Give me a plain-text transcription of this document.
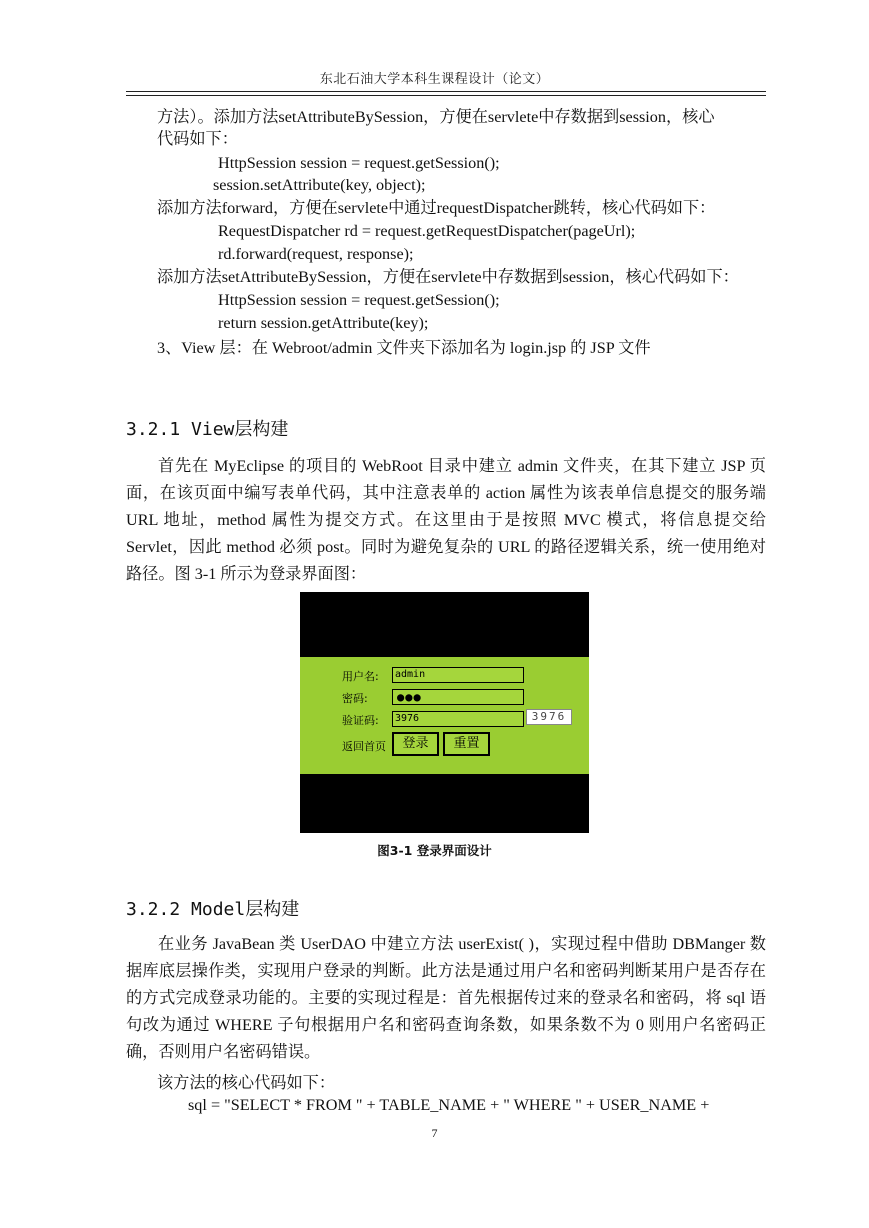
东北石油大学本科生课程设计（论文）
方法）。添加方法setAttributeBySession，方便在servlete中存数据到session，核心
代码如下：
HttpSession session = request.getSession();
session.setAttribute(key, object);
添加方法forward，方便在servlete中通过requestDispatcher跳转，核心代码如下：
RequestDispatcher rd = request.getRequestDispatcher(pageUrl);
rd.forward(request, response);
添加方法setAttributeBySession，方便在servlete中存数据到session，核心代码如下：
HttpSession session = request.getSession();
return session.getAttribute(key);
3、View 层：在 Webroot/admin 文件夹下添加名为 login.jsp 的 JSP 文件
3.2.1 View层构建
首先在 MyEclipse 的项目的 WebRoot 目录中建立 admin 文件夹，在其下建立 JSP 页面，在该页面中编写表单代码，其中注意表单的 action 属性为该表单信息提交的服务端 URL 地址，method 属性为提交方式。在这里由于是按照 MVC 模式，将信息提交给 Servlet，因此 method 必须 post。同时为避免复杂的 URL 的路径逻辑关系，统一使用绝对路径。图 3-1 所示为登录界面图：
用户名:	admin
密码: ●●●
验证码:	3976	3976
返回首页	登录	重置
图3-1 登录界面设计
3.2.2 Model层构建
在业务 JavaBean 类 UserDAO 中建立方法 userExist( )，实现过程中借助 DBManger 数据库底层操作类，实现用户登录的判断。此方法是通过用户名和密码判断某用户是否存在的方式完成登录功能的。主要的实现过程是：首先根据传过来的登录名和密码，将 sql 语句改为通过 WHERE 子句根据用户名和密码查询条数，如果条数不为 0 则用户名密码正确，否则用户名密码错误。
该方法的核心代码如下：
sql = "SELECT * FROM " + TABLE_NAME + " WHERE " + USER_NAME +
7
